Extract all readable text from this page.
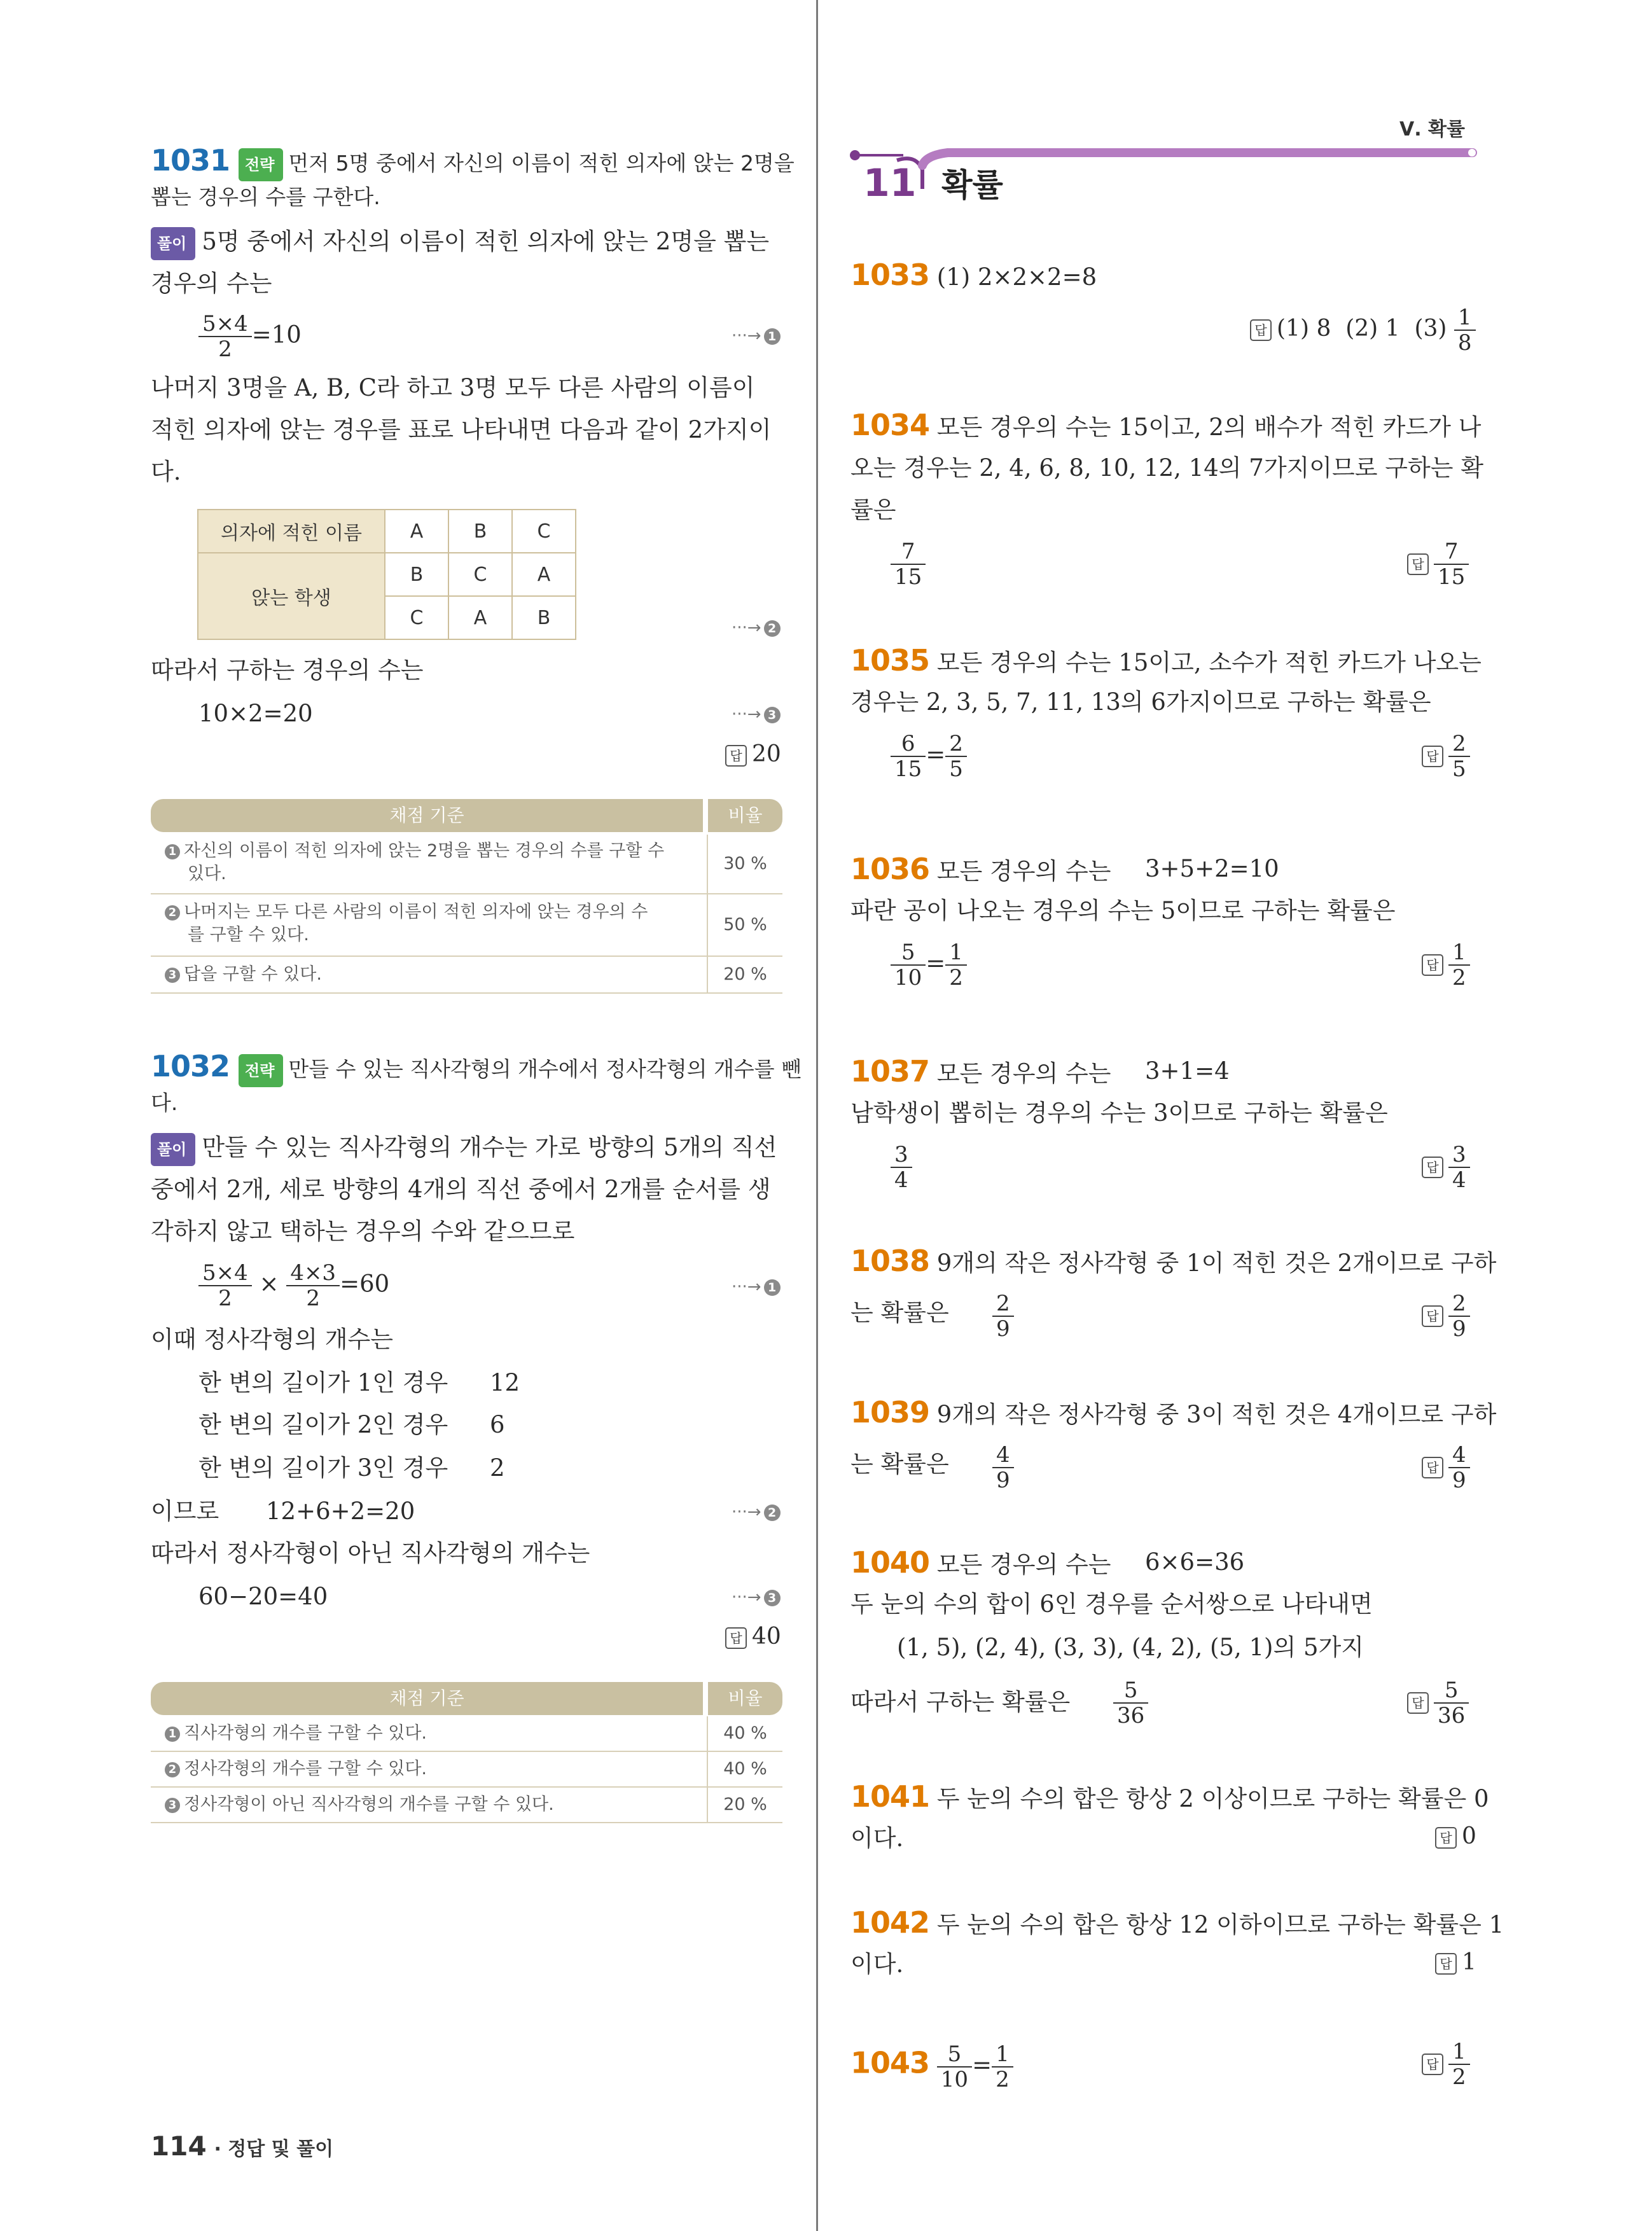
1031 전략 먼저 5명 중에서 자신의 이름이 적힌 의자에 앉는 2명을
뽑는 경우의 수를 구한다.
풀이 5명 중에서 자신의 이름이 적힌 의자에 앉는 2명을 뽑는
경우의 수는
$\frac{5\times 4}{2} =10$	···→ 1
나머지 3명을 A, B, C라 하고 3명 모두 다른 사람의 이름이
적힌 의자에 앉는 경우를 표로 나타내면 다음과 같이 2가지이
다.
의자에 적힌 이름	A	B	C
앉는 학생	B	C	A
	C	A	B	···→ 2
따라서 구하는 경우의 수는
10×2=20	···→ 3
답 20
채점 기준	비율
1 자신의 이름이 적힌 의자에 앉는 2명을 뽑는 경우의 수를 구할 수
있다.
30 %
2 나머지는 모두 다른 사람의 이름이 적힌 의자에 앉는 경우의 수
를 구할 수 있다.
50 %
3 답을 구할 수 있다.	20 %
1032 전략 만들 수 있는 직사각형의 개수에서 정사각형의 개수를 뺀
다.
풀이 만들 수 있는 직사각형의 개수는 가로 방향의 5개의 직선
중에서 2개, 세로 방향의 4개의 직선 중에서 2개를 순서를 생
각하지 않고 택하는 경우의 수와 같으므로
$\frac{5\times 4}{2} \times \frac{4\times 3}{2} =60$	···→ 1
이때 정사각형의 개수는
한 변의 길이가 1인 경우 12
한 변의 길이가 2인 경우 6
한 변의 길이가 3인 경우 2
이므로 12+6+2=20	···→ 2
따라서 정사각형이 아닌 직사각형의 개수는
60−20=40	···→ 3
답 40
채점 기준	비율
1 직사각형의 개수를 구할 수 있다.	40 %
2 정사각형의 개수를 구할 수 있다.	40 %
3 정사각형이 아닌 직사각형의 개수를 구할 수 있다.	20 %
114 · 정답 및 풀이
Ⅴ. 확률
11 확률
1033 (1) 2×2×2=8
답 (1) 8 (2) 1 $(3) \frac{1}{8}$
1034 모든 경우의 수는 15이고, 2의 배수가 적힌 카드가 나
오는 경우는 2, 4, 6, 8, 10, 12, 14의 7가지이므로 구하는 확
률은
$\frac{7}{15}$	답 $\frac{7}{15}$
1035 모든 경우의 수는 15이고, 소수가 적힌 카드가 나오는
경우는 2, 3, 5, 7, 11, 13의 6가지이므로 구하는 확률은
$\frac{6}{15} = \frac{2}{5}$	답 $\frac{2}{5}$
1036 모든 경우의 수는 3+5+2=10
파란 공이 나오는 경우의 수는 5이므로 구하는 확률은
$\frac{5}{10} = \frac{1}{2}$	답 $\frac{1}{2}$
1037 모든 경우의 수는 3+1=4
남학생이 뽑히는 경우의 수는 3이므로 구하는 확률은
$\frac{3}{4}$	답 $\frac{3}{4}$
1038 9개의 작은 정사각형 중 1이 적힌 것은 2개이므로 구하
는 확률은 $\frac{2}{9}$	답 $\frac{2}{9}$
1039 9개의 작은 정사각형 중 3이 적힌 것은 4개이므로 구하
는 확률은 $\frac{4}{9}$	답 $\frac{4}{9}$
1040 모든 경우의 수는 6×6=36
두 눈의 수의 합이 6인 경우를 순서쌍으로 나타내면
(1, 5), (2, 4), (3, 3), (4, 2), (5, 1)의 5가지
따라서 구하는 확률은 $\frac{5}{36}$	답 $\frac{5}{36}$
1041 두 눈의 수의 합은 항상 2 이상이므로 구하는 확률은 0
이다.	답 0
1042 두 눈의 수의 합은 항상 12 이하이므로 구하는 확률은 1
이다.	답 1
$1043 \frac{5}{10} = \frac{1}{2}$	답 $\frac{1}{2}$
